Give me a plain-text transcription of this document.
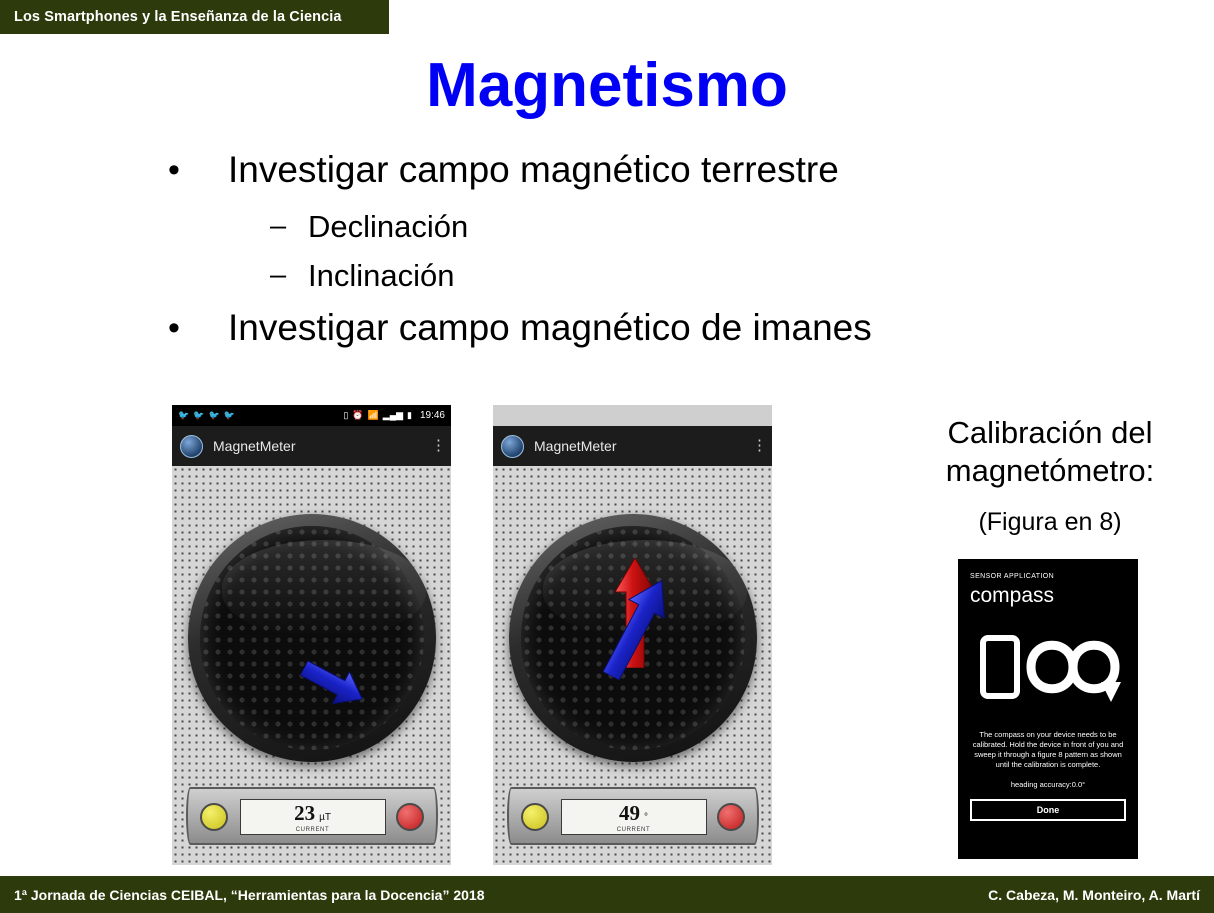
Los Smartphones y la Enseñanza de la Ciencia
Magnetismo
•	Investigar campo magnético terrestre
– Declinación
– Inclinación
•	Investigar campo magnético de imanes
Calibración del
magnetómetro:
(Figura en 8)
🐦 🐦 🐦 🐦	▯ ⏰ 📶 ▂▄▆ ▮ 19:46
MagnetMeter	⋮
23 µT
CURRENT
MagnetMeter	⋮
49 °
CURRENT
SENSOR APPLICATION
compass
The compass on your device needs to be calibrated. Hold the device in front of you and sweep it through a figure 8 pattern as shown until the calibration is complete.
heading accuracy:0.0°
Done
1ª Jornada de Ciencias CEIBAL, “Herramientas para la Docencia” 2018	C. Cabeza, M. Monteiro, A. Martí
